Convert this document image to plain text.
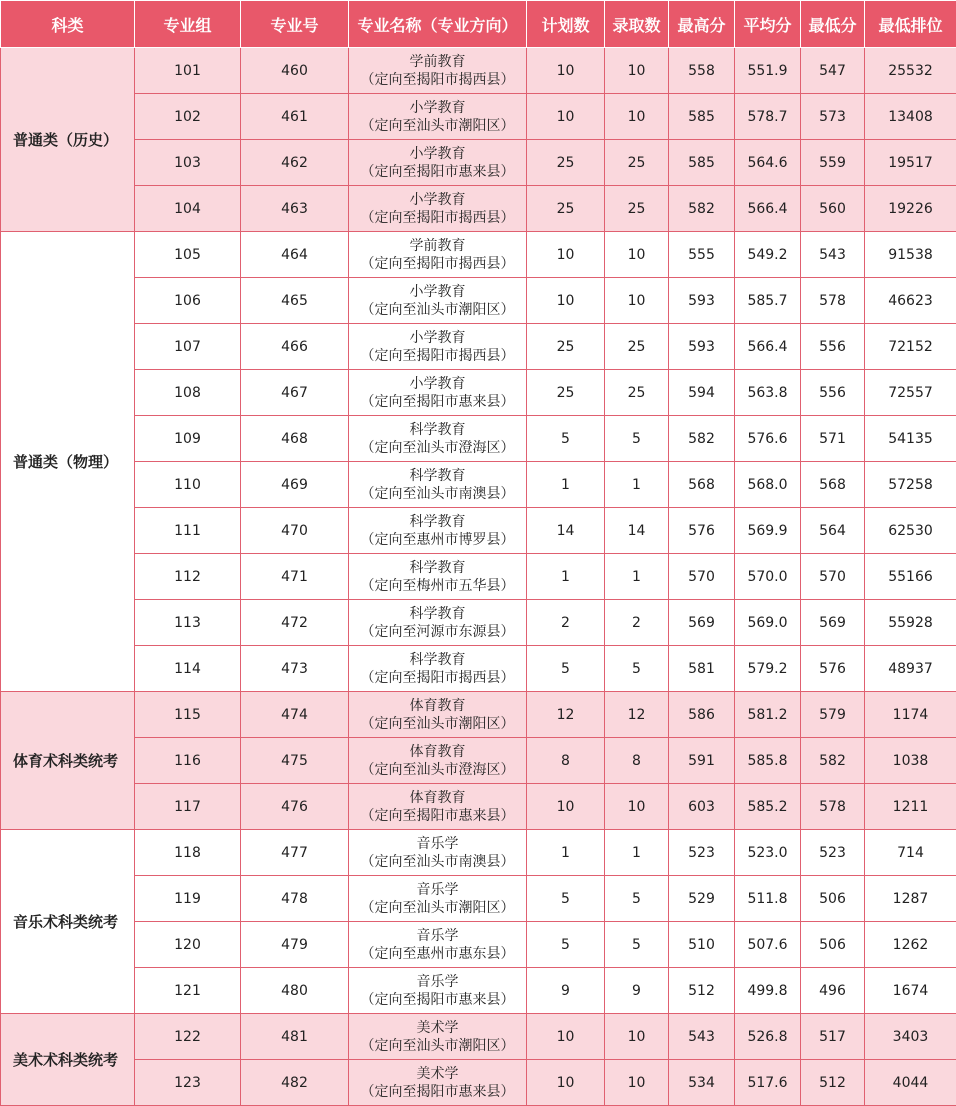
科类	专业组	专业号	专业名称（专业方向）	计划数	录取数	最高分	平均分	最低分	最低排位
普通类（历史）	101	460	学前教育
（定向至揭阳市揭西县）	10	10	558	551.9	547	25532
	102	461	小学教育
（定向至汕头市潮阳区）	10	10	585	578.7	573	13408
	103	462	小学教育
（定向至揭阳市惠来县）	25	25	585	564.6	559	19517
	104	463	小学教育
（定向至揭阳市揭西县）	25	25	582	566.4	560	19226
普通类（物理）	105	464	学前教育
（定向至揭阳市揭西县）	10	10	555	549.2	543	91538
	106	465	小学教育
（定向至汕头市潮阳区）	10	10	593	585.7	578	46623
	107	466	小学教育
（定向至揭阳市揭西县）	25	25	593	566.4	556	72152
	108	467	小学教育
（定向至揭阳市惠来县）	25	25	594	563.8	556	72557
	109	468	科学教育
（定向至汕头市澄海区）	5	5	582	576.6	571	54135
	110	469	科学教育
（定向至汕头市南澳县）	1	1	568	568.0	568	57258
	111	470	科学教育
（定向至惠州市博罗县）	14	14	576	569.9	564	62530
	112	471	科学教育
（定向至梅州市五华县）	1	1	570	570.0	570	55166
	113	472	科学教育
（定向至河源市东源县）	2	2	569	569.0	569	55928
	114	473	科学教育
（定向至揭阳市揭西县）	5	5	581	579.2	576	48937
体育术科类统考	115	474	体育教育
（定向至汕头市潮阳区）	12	12	586	581.2	579	1174
	116	475	体育教育
（定向至汕头市澄海区）	8	8	591	585.8	582	1038
	117	476	体育教育
（定向至揭阳市惠来县）	10	10	603	585.2	578	1211
音乐术科类统考	118	477	音乐学
（定向至汕头市南澳县）	1	1	523	523.0	523	714
	119	478	音乐学
（定向至汕头市潮阳区）	5	5	529	511.8	506	1287
	120	479	音乐学
（定向至惠州市惠东县）	5	5	510	507.6	506	1262
	121	480	音乐学
（定向至揭阳市惠来县）	9	9	512	499.8	496	1674
美术术科类统考	122	481	美术学
（定向至汕头市潮阳区）	10	10	543	526.8	517	3403
	123	482	美术学
（定向至揭阳市惠来县）	10	10	534	517.6	512	4044
